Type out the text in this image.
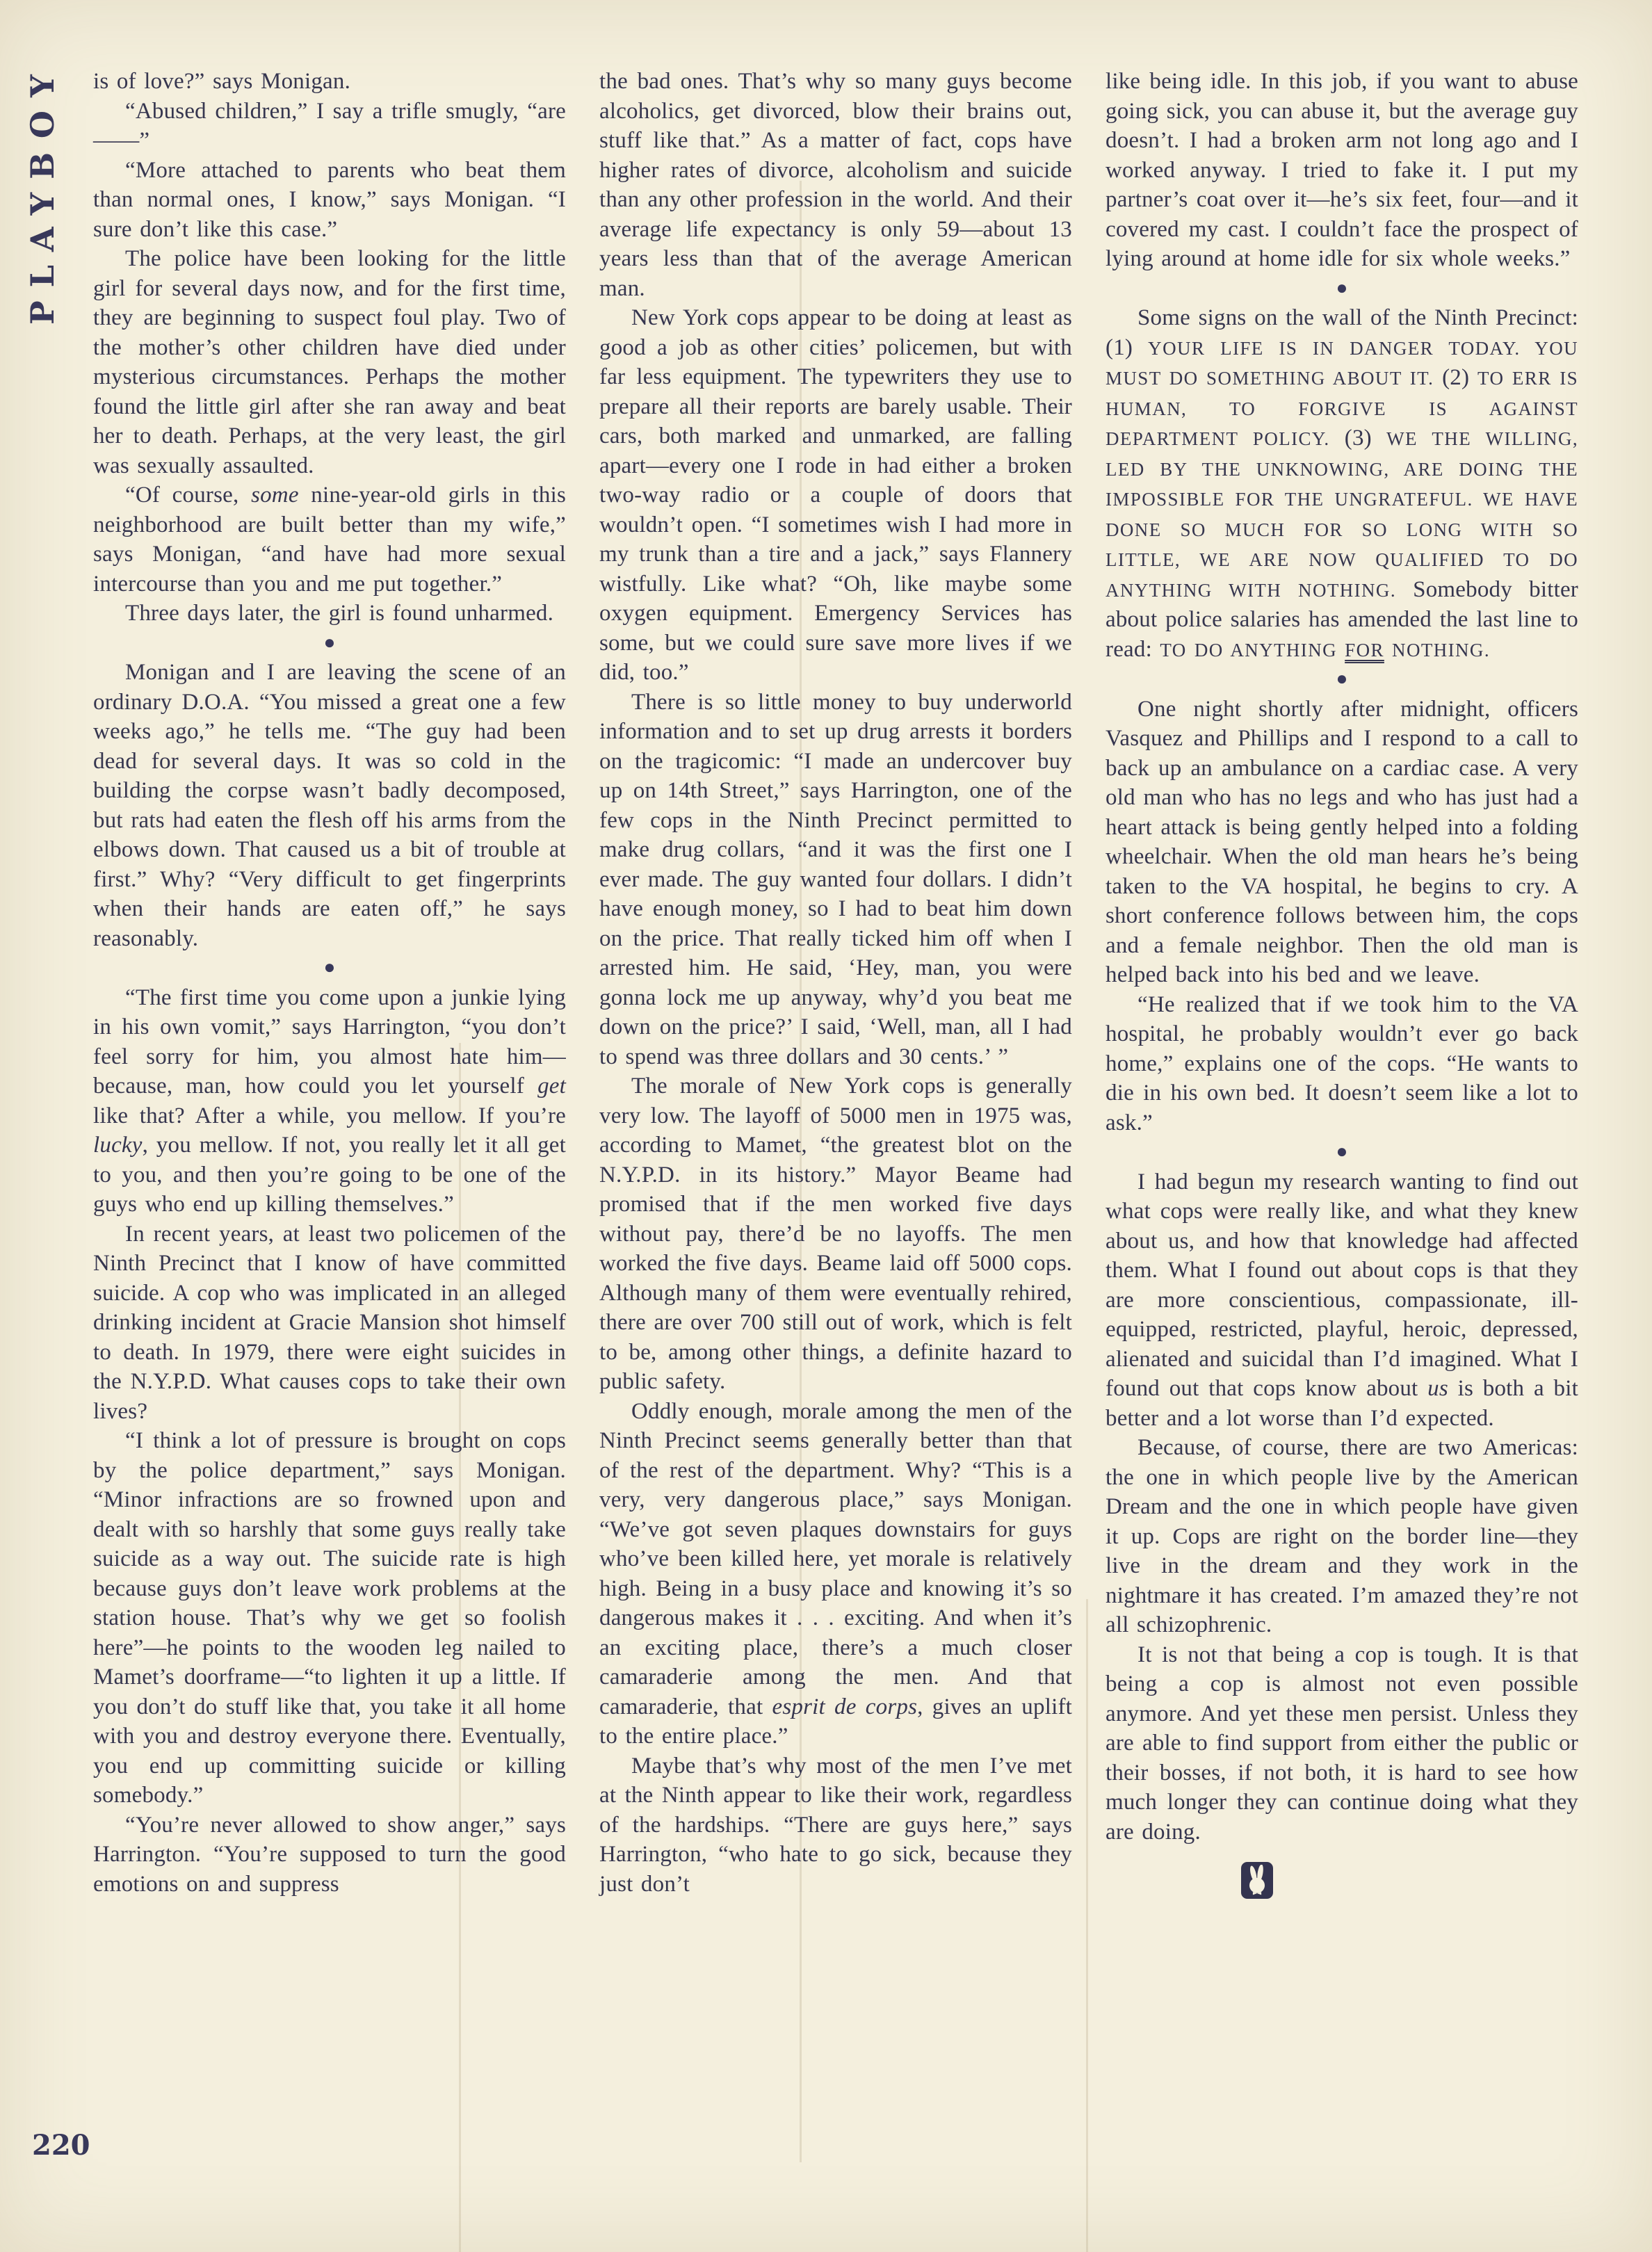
PLAYBOY
220

is of love?” says Monigan.

“Abused children,” I say a trifle smugly, “are——”

“More attached to parents who beat them than normal ones, I know,” says Monigan. “I sure don’t like this case.”

The police have been looking for the little girl for several days now, and for the first time, they are beginning to suspect foul play. Two of the mother’s other children have died under mysterious circumstances. Perhaps the mother found the little girl after she ran away and beat her to death. Perhaps, at the very least, the girl was sexually assaulted.

“Of course, some nine-year-old girls in this neighborhood are built better than my wife,” says Monigan, “and have had more sexual intercourse than you and me put together.”

Three days later, the girl is found unharmed.

●

Monigan and I are leaving the scene of an ordinary D.O.A. “You missed a great one a few weeks ago,” he tells me. “The guy had been dead for several days. It was so cold in the building the corpse wasn’t badly decomposed, but rats had eaten the flesh off his arms from the elbows down. That caused us a bit of trouble at first.” Why? “Very difficult to get fingerprints when their hands are eaten off,” he says reasonably.

●

“The first time you come upon a junkie lying in his own vomit,” says Harrington, “you don’t feel sorry for him, you almost hate him—because, man, how could you let yourself get like that? After a while, you mellow. If you’re lucky, you mellow. If not, you really let it all get to you, and then you’re going to be one of the guys who end up killing themselves.”

In recent years, at least two policemen of the Ninth Precinct that I know of have committed suicide. A cop who was implicated in an alleged drinking incident at Gracie Mansion shot himself to death. In 1979, there were eight suicides in the N.Y.P.D. What causes cops to take their own lives?

“I think a lot of pressure is brought on cops by the police department,” says Monigan. “Minor infractions are so frowned upon and dealt with so harshly that some guys really take suicide as a way out. The suicide rate is high because guys don’t leave work problems at the station house. That’s why we get so foolish here”—he points to the wooden leg nailed to Mamet’s doorframe—“to lighten it up a little. If you don’t do stuff like that, you take it all home with you and destroy everyone there. Eventually, you end up committing suicide or killing somebody.”

“You’re never allowed to show anger,” says Harrington. “You’re supposed to turn the good emotions on and suppress

the bad ones. That’s why so many guys become alcoholics, get divorced, blow their brains out, stuff like that.” As a matter of fact, cops have higher rates of divorce, alcoholism and suicide than any other profession in the world. And their average life expectancy is only 59—about 13 years less than that of the average American man.

New York cops appear to be doing at least as good a job as other cities’ policemen, but with far less equipment. The typewriters they use to prepare all their reports are barely usable. Their cars, both marked and unmarked, are falling apart—every one I rode in had either a broken two-way radio or a couple of doors that wouldn’t open. “I sometimes wish I had more in my trunk than a tire and a jack,” says Flannery wistfully. Like what? “Oh, like maybe some oxygen equipment. Emergency Services has some, but we could sure save more lives if we did, too.”

There is so little money to buy underworld information and to set up drug arrests it borders on the tragicomic: “I made an undercover buy up on 14th Street,” says Harrington, one of the few cops in the Ninth Precinct permitted to make drug collars, “and it was the first one I ever made. The guy wanted four dollars. I didn’t have enough money, so I had to beat him down on the price. That really ticked him off when I arrested him. He said, ‘Hey, man, you were gonna lock me up anyway, why’d you beat me down on the price?’ I said, ‘Well, man, all I had to spend was three dollars and 30 cents.’ ”

The morale of New York cops is generally very low. The layoff of 5000 men in 1975 was, according to Mamet, “the greatest blot on the N.Y.P.D. in its history.” Mayor Beame had promised that if the men worked five days without pay, there’d be no layoffs. The men worked the five days. Beame laid off 5000 cops. Although many of them were eventually rehired, there are over 700 still out of work, which is felt to be, among other things, a definite hazard to public safety.

Oddly enough, morale among the men of the Ninth Precinct seems generally better than that of the rest of the department. Why? “This is a very, very dangerous place,” says Monigan. “We’ve got seven plaques downstairs for guys who’ve been killed here, yet morale is relatively high. Being in a busy place and knowing it’s so dangerous makes it . . . exciting. And when it’s an exciting place, there’s a much closer camaraderie among the men. And that camaraderie, that esprit de corps, gives an uplift to the entire place.”

Maybe that’s why most of the men I’ve met at the Ninth appear to like their work, regardless of the hardships. “There are guys here,” says Harrington, “who hate to go sick, because they just don’t

like being idle. In this job, if you want to abuse going sick, you can abuse it, but the average guy doesn’t. I had a broken arm not long ago and I worked anyway. I tried to fake it. I put my partner’s coat over it—he’s six feet, four—and it covered my cast. I couldn’t face the prospect of lying around at home idle for six whole weeks.”

●

Some signs on the wall of the Ninth Precinct: (1) YOUR LIFE IS IN DANGER TODAY. YOU MUST DO SOMETHING ABOUT IT. (2) TO ERR IS HUMAN, TO FORGIVE IS AGAINST DEPARTMENT POLICY. (3) WE THE WILLING, LED BY THE UNKNOWING, ARE DOING THE IMPOSSIBLE FOR THE UNGRATEFUL. WE HAVE DONE SO MUCH FOR SO LONG WITH SO LITTLE, WE ARE NOW QUALIFIED TO DO ANYTHING WITH NOTHING. Somebody bitter about police salaries has amended the last line to read: TO DO ANYTHING FOR NOTHING.

●

One night shortly after midnight, officers Vasquez and Phillips and I respond to a call to back up an ambulance on a cardiac case. A very old man who has no legs and who has just had a heart attack is being gently helped into a folding wheelchair. When the old man hears he’s being taken to the VA hospital, he begins to cry. A short conference follows between him, the cops and a female neighbor. Then the old man is helped back into his bed and we leave.

“He realized that if we took him to the VA hospital, he probably wouldn’t ever go back home,” explains one of the cops. “He wants to die in his own bed. It doesn’t seem like a lot to ask.”

●

I had begun my research wanting to find out what cops were really like, and what they knew about us, and how that knowledge had affected them. What I found out about cops is that they are more conscientious, compassionate, ill-equipped, restricted, playful, heroic, depressed, alienated and suicidal than I’d imagined. What I found out that cops know about us is both a bit better and a lot worse than I’d expected.

Because, of course, there are two Americas: the one in which people live by the American Dream and the one in which people have given it up. Cops are right on the border line—they live in the dream and they work in the nightmare it has created. I’m amazed they’re not all schizophrenic.

It is not that being a cop is tough. It is that being a cop is almost not even possible anymore. And yet these men persist. Unless they are able to find support from either the public or their bosses, if not both, it is hard to see how much longer they can continue doing what they are doing.
